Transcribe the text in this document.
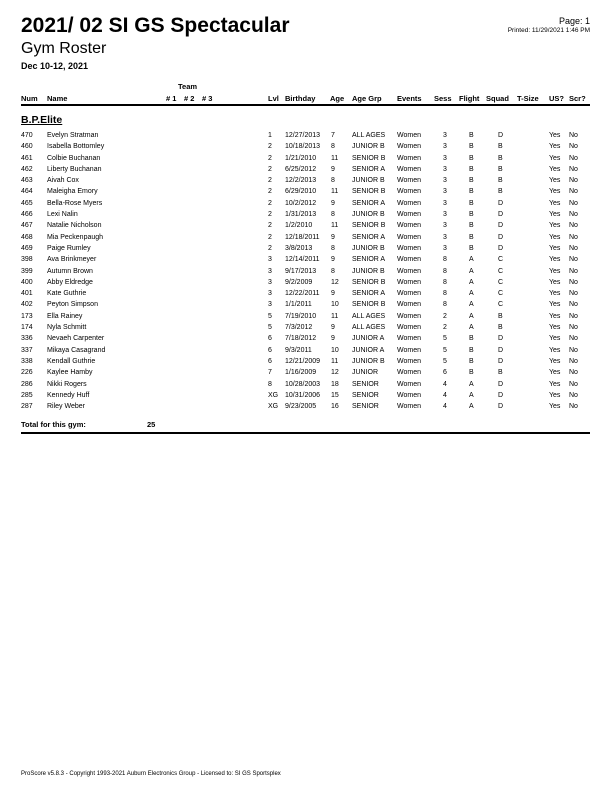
2021/ 02 SI GS Spectacular
Gym Roster
Dec 10-12, 2021
Page: 1
Printed: 11/29/2021 1:46 PM
Team
Num Name	# 1 # 2 # 3	Lvl Birthday Age Age Grp Events Sess Flight Squad T-Size US? Scr?
B.P.Elite
470 Evelyn Stratman	1 12/27/2013 7 ALL AGES Women	3	B	D	Yes No
460 Isabella Bottomley	2 10/18/2013 8 JUNIOR B Women	3	B	B	Yes No
461 Colbie Buchanan	2 1/21/2010 11 SENIOR B Women	3	B	B	Yes No
462 Liberty Buchanan	2 6/25/2012 9 SENIOR A Women	3	B	B	Yes No
463 Aivah Cox	2 12/2/2013 8 JUNIOR B Women	3	B	B	Yes No
464 Maleigha Emory	2 6/29/2010 11 SENIOR B Women	3	B	B	Yes No
465 Bella-Rose Myers	2 10/2/2012 9 SENIOR A Women	3	B	D	Yes No
466 Lexi Nalin	2 1/31/2013 8 JUNIOR B Women	3	B	D	Yes No
467 Natalie Nicholson	2 1/2/2010	11 SENIOR B Women	3	B	D	Yes No
468 Mia Peckenpaugh	2 12/18/2011 9 SENIOR A Women	3	B	D	Yes No
469 Paige Rumley	2 3/8/2013	8 JUNIOR B Women	3	B	D	Yes No
398 Ava Brinkmeyer	3 12/14/2011 9 SENIOR A Women	8	A	C	Yes No
399 Autumn Brown	3 9/17/2013 8 JUNIOR B Women	8	A	C	Yes No
400 Abby Eldredge	3 9/2/2009	12 SENIOR B Women	8	A	C	Yes No
401 Kate Guthrie	3 12/22/2011 9 SENIOR A Women	8	A	C	Yes No
402 Peyton Simpson	3 1/1/2011	10 SENIOR B Women	8	A	C	Yes No
173 Ella Rainey	5 7/19/2010 11 ALL AGES Women	2	A	B	Yes No
174 Nyla Schmitt	5 7/3/2012	9 ALL AGES Women	2	A	B	Yes No
336 Nevaeh Carpenter	6 7/18/2012 9 JUNIOR A Women	5	B	D	Yes No
337 Mikaya Casagrand	6 9/3/2011	10 JUNIOR A Women	5	B	D	Yes No
338 Kendall Guthrie	6 12/21/2009 11 JUNIOR B Women	5	B	D	Yes No
226 Kaylee Hamby	7 1/16/2009 12 JUNIOR	Women	6	B	B	Yes No
286 Nikki Rogers	8 10/28/2003 18 SENIOR	Women	4	A	D	Yes No
285 Kennedy Huff	XG 10/31/2006 15 SENIOR	Women	4	A	D	Yes No
287 Riley Weber	XG 9/23/2005 16 SENIOR	Women	4	A	D	Yes No
Total for this gym:	25
ProScore v5.8.3 - Copyright 1993-2021 Auburn Electronics Group - Licensed to: SI GS Sportsplex
